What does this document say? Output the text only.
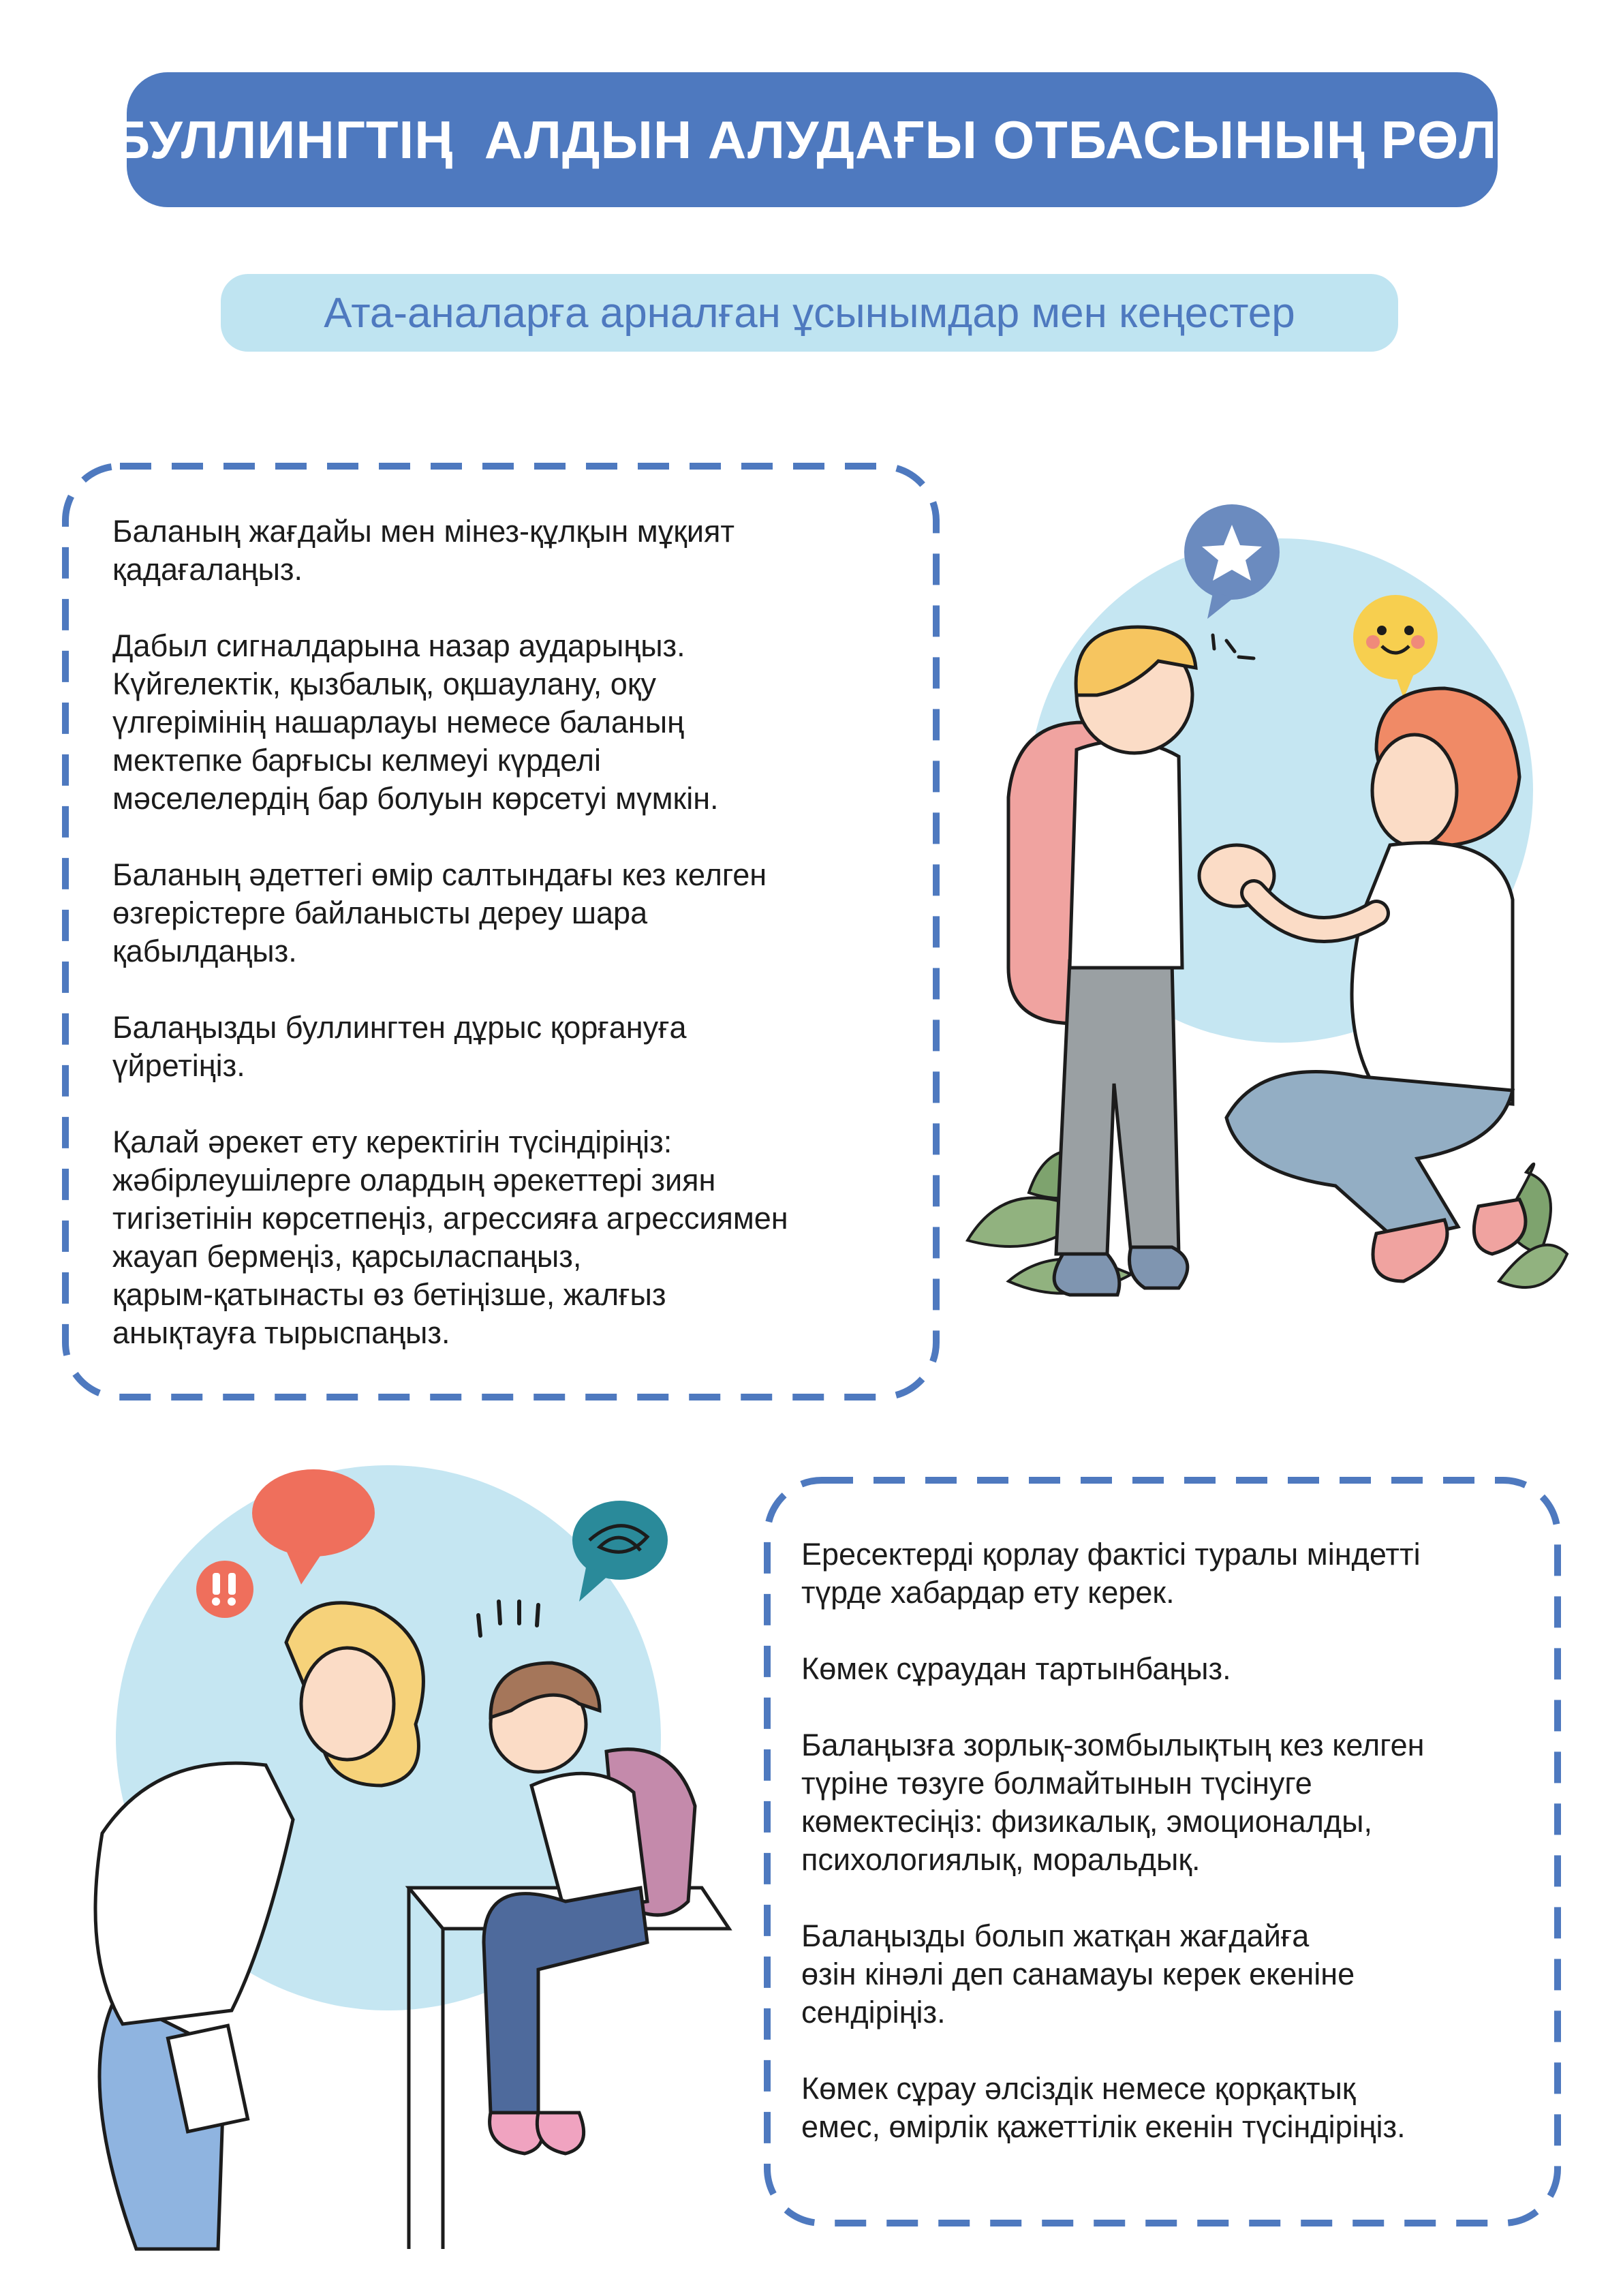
БУЛЛИНГТІҢ  АЛДЫН АЛУДАҒЫ ОТБАСЫНЫҢ РӨЛІ
Ата-аналарға арналған ұсынымдар мен кеңестер

Баланың жағдайы мен мінез-құлқын мұқият
қадағалаңыз.

Дабыл сигналдарына назар аударыңыз.
Күйгелектік, қызбалық, оқшаулану, оқу
үлгерімінің нашарлауы немесе баланың
мектепке барғысы келмеуі күрделі
мәселелердің бар болуын көрсетуі мүмкін.

Баланың әдеттегі өмір салтындағы кез келген
өзгерістерге байланысты дереу шара
қабылдаңыз.

Балаңызды буллингтен дұрыс қорғануға
үйретіңіз.

Қалай әрекет ету керектігін түсіндіріңіз:
жәбірлеушілерге олардың әрекеттері зиян
тигізетінін көрсетпеңіз, агрессияға агрессиямен
жауап бермеңіз, қарсыласпаңыз,
қарым-қатынасты өз бетіңізше, жалғыз
анықтауға тырыспаңыз.

Ересектерді қорлау фактісі туралы міндетті
түрде хабардар ету керек.

Көмек сұраудан тартынбаңыз.

Балаңызға зорлық-зомбылықтың кез келген
түріне төзуге болмайтынын түсінуге
көмектесіңіз: физикалық, эмоционалды,
психологиялық, моральдық.

Балаңызды болып жатқан жағдайға
өзін кінәлі деп санамауы керек екеніне
сендіріңіз.

Көмек сұрау әлсіздік немесе қорқақтық
емес, өмірлік қажеттілік екенін түсіндіріңіз.
